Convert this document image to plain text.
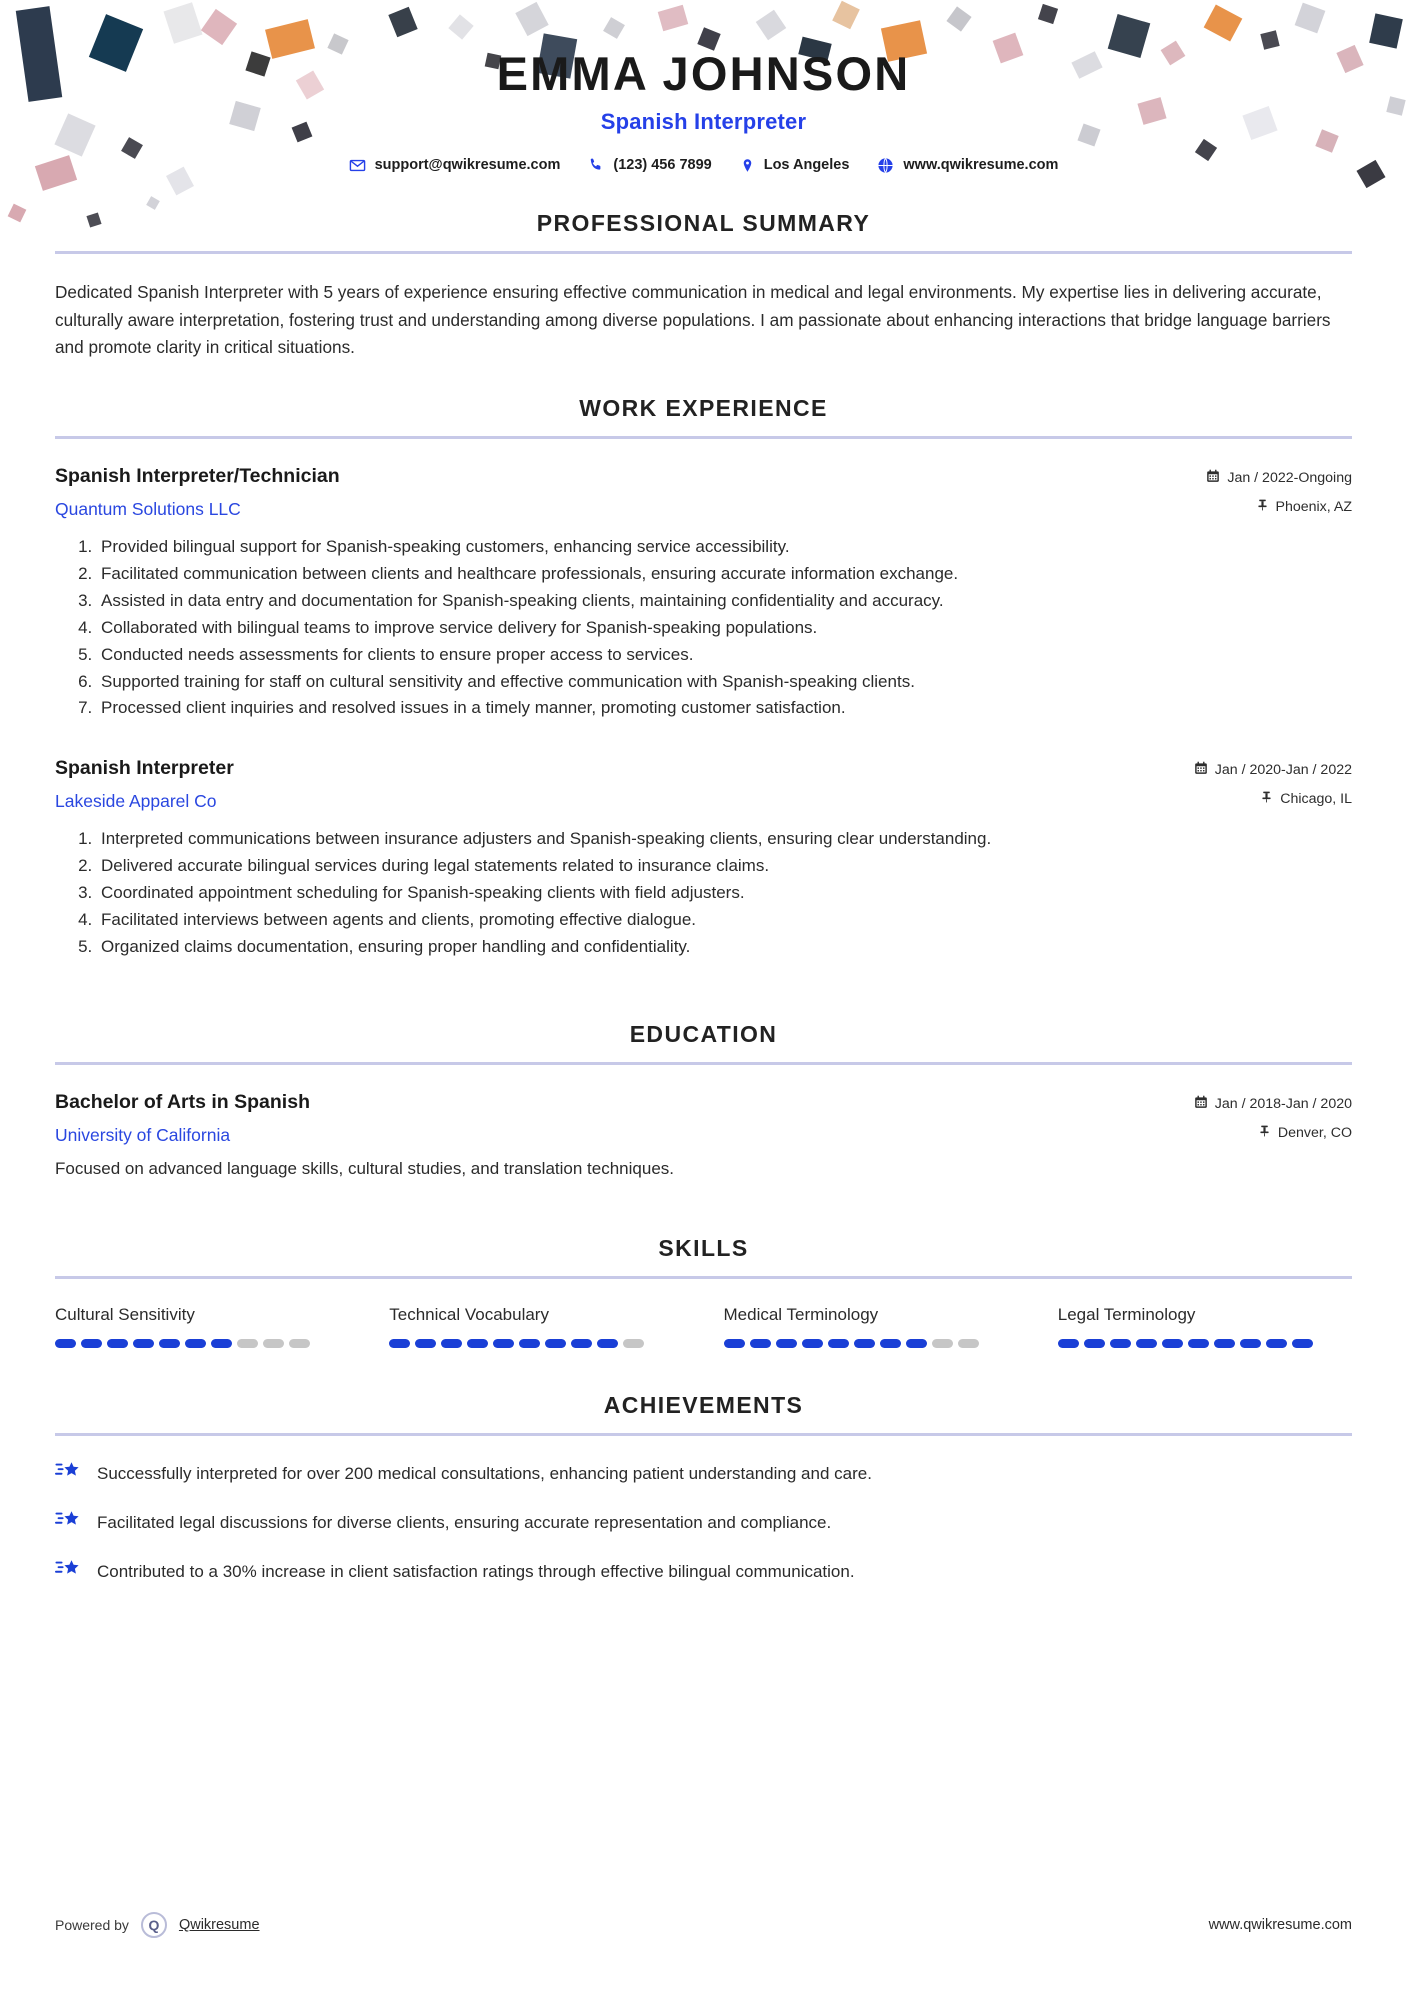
EMMA JOHNSON
Spanish Interpreter
support@qwikresume.com	(123) 456 7899	Los Angeles	www.qwikresume.com
PROFESSIONAL SUMMARY
Dedicated Spanish Interpreter with 5 years of experience ensuring effective communication in medical and legal environments. My expertise lies in delivering accurate, culturally aware interpretation, fostering trust and understanding among diverse populations. I am passionate about enhancing interactions that bridge language barriers and promote clarity in critical situations.
WORK EXPERIENCE
Spanish Interpreter/Technician
Quantum Solutions LLC
Jan / 2022-Ongoing
Phoenix, AZ
1. Provided bilingual support for Spanish-speaking customers, enhancing service accessibility.
2. Facilitated communication between clients and healthcare professionals, ensuring accurate information exchange.
3. Assisted in data entry and documentation for Spanish-speaking clients, maintaining confidentiality and accuracy.
4. Collaborated with bilingual teams to improve service delivery for Spanish-speaking populations.
5. Conducted needs assessments for clients to ensure proper access to services.
6. Supported training for staff on cultural sensitivity and effective communication with Spanish-speaking clients.
7. Processed client inquiries and resolved issues in a timely manner, promoting customer satisfaction.
Spanish Interpreter
Lakeside Apparel Co
Jan / 2020-Jan / 2022
Chicago, IL
1. Interpreted communications between insurance adjusters and Spanish-speaking clients, ensuring clear understanding.
2. Delivered accurate bilingual services during legal statements related to insurance claims.
3. Coordinated appointment scheduling for Spanish-speaking clients with field adjusters.
4. Facilitated interviews between agents and clients, promoting effective dialogue.
5. Organized claims documentation, ensuring proper handling and confidentiality.
EDUCATION
Bachelor of Arts in Spanish
University of California
Jan / 2018-Jan / 2020
Denver, CO
Focused on advanced language skills, cultural studies, and translation techniques.
SKILLS
Cultural Sensitivity	Technical Vocabulary	Medical Terminology	Legal Terminology
ACHIEVEMENTS
Successfully interpreted for over 200 medical consultations, enhancing patient understanding and care.
Facilitated legal discussions for diverse clients, ensuring accurate representation and compliance.
Contributed to a 30% increase in client satisfaction ratings through effective bilingual communication.
Powered by Q Qwikresume	www.qwikresume.com
